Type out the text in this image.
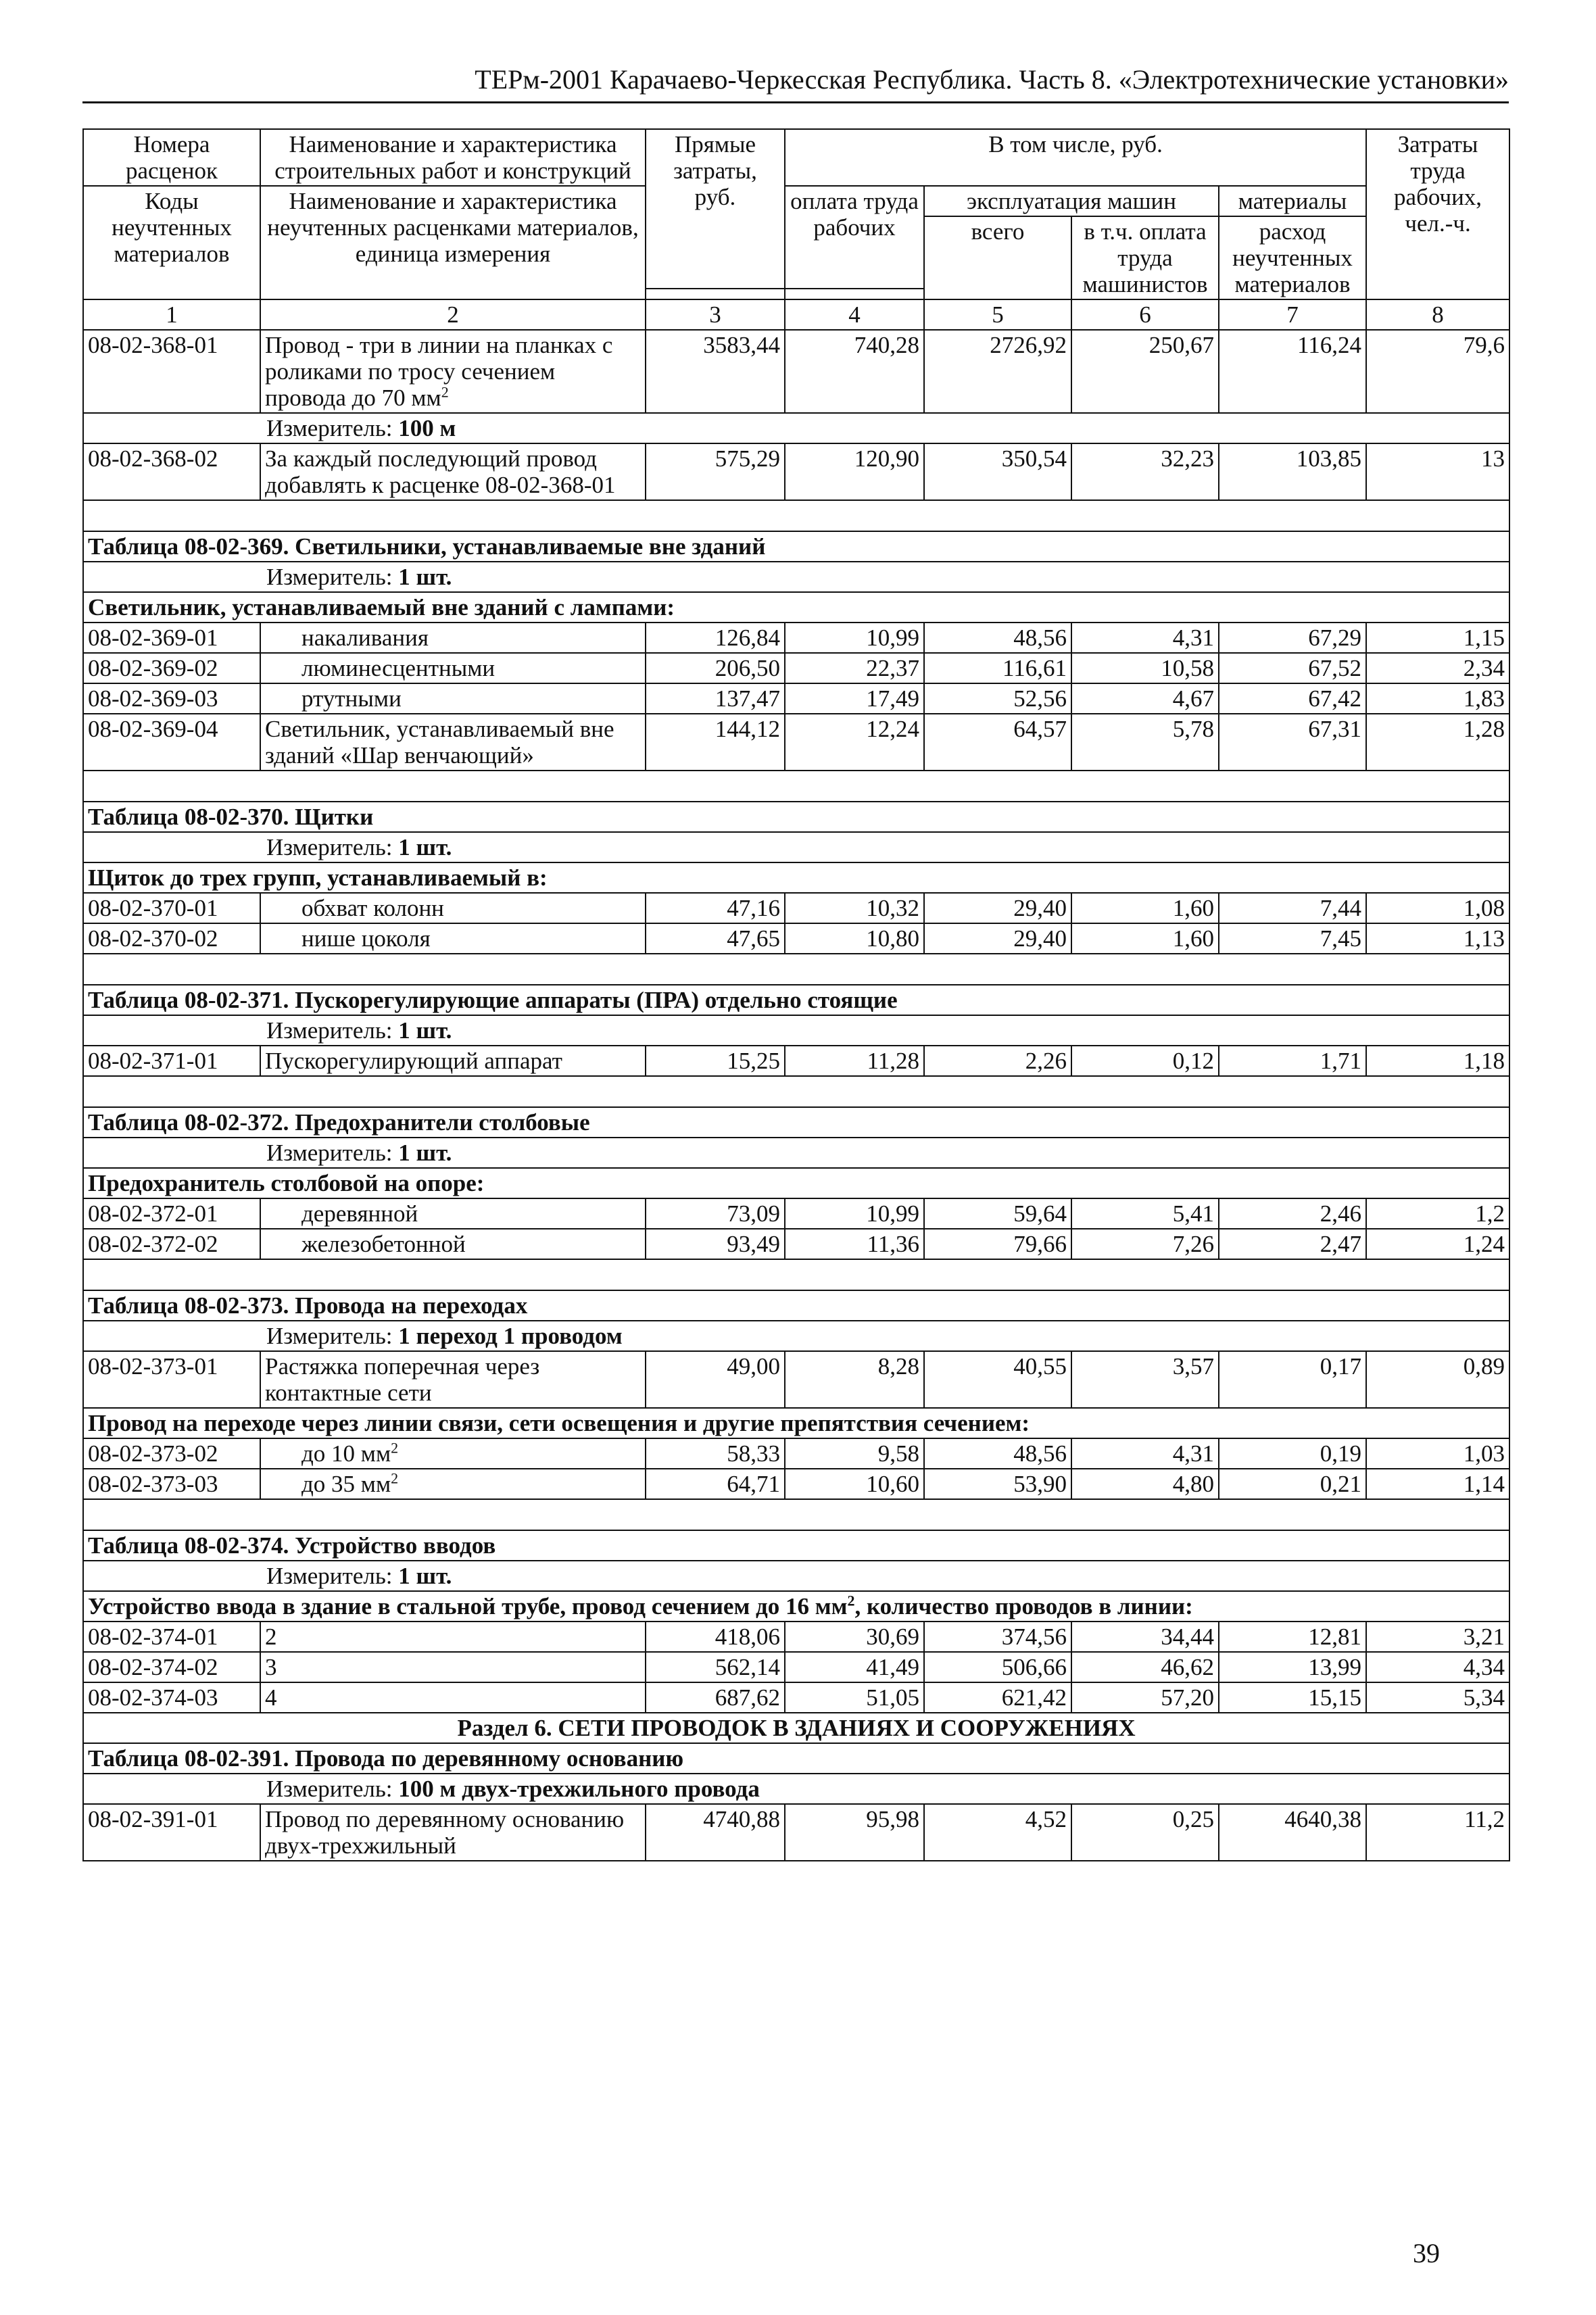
ТЕРм-2001 Карачаево-Черкесская Республика. Часть 8. «Электротехнические установки»
Номера расценок	Наименование и характеристика строительных работ и конструкций	Прямые затраты, руб.	В том числе, руб.				Затраты труда рабочих, чел.-ч.
Коды неучтенных материалов	Наименование и характеристика неучтенных расценками материалов, единица измерения		оплата труда рабочих	эксплуатация машин		материалы	
				всего	в т.ч. оплата труда машинистов	расход неучтенных материалов	

1	2	3	4	5	6	7	8
08-02-368-01	Провод - три в линии на планках с роликами по тросу сечением провода до 70 $мм^2$	3583,44	740,28	2726,92	250,67	116,24	79,6
Измеритель: 100 м							
08-02-368-02	За каждый последующий провод добавлять к расценке 08-02-368-01	575,29	120,90	350,54	32,23	103,85	13

Таблица 08-02-369. Светильники, устанавливаемые вне зданий							
Измеритель: 1 шт.							
Светильник, устанавливаемый вне зданий с лампами:							
08-02-369-01	накаливания	126,84	10,99	48,56	4,31	67,29	1,15
08-02-369-02	люминесцентными	206,50	22,37	116,61	10,58	67,52	2,34
08-02-369-03	ртутными	137,47	17,49	52,56	4,67	67,42	1,83
08-02-369-04	Светильник, устанавливаемый вне зданий «Шар венчающий»	144,12	12,24	64,57	5,78	67,31	1,28

Таблица 08-02-370. Щитки							
Измеритель: 1 шт.							
Щиток до трех групп, устанавливаемый в:							
08-02-370-01	обхват колонн	47,16	10,32	29,40	1,60	7,44	1,08
08-02-370-02	нише цоколя	47,65	10,80	29,40	1,60	7,45	1,13

Таблица 08-02-371. Пускорегулирующие аппараты (ПРА) отдельно стоящие							
Измеритель: 1 шт.							
08-02-371-01	Пускорегулирующий аппарат	15,25	11,28	2,26	0,12	1,71	1,18

Таблица 08-02-372. Предохранители столбовые							
Измеритель: 1 шт.							
Предохранитель столбовой на опоре:							
08-02-372-01	деревянной	73,09	10,99	59,64	5,41	2,46	1,2
08-02-372-02	железобетонной	93,49	11,36	79,66	7,26	2,47	1,24

Таблица 08-02-373. Провода на переходах							
Измеритель: 1 переход 1 проводом							
08-02-373-01	Растяжка поперечная через контактные сети	49,00	8,28	40,55	3,57	0,17	0,89
Провод на переходе через линии связи, сети освещения и другие препятствия сечением:							
08-02-373-02	до 10 $мм^2$	58,33	9,58	48,56	4,31	0,19	1,03
08-02-373-03	до 35 $мм^2$	64,71	10,60	53,90	4,80	0,21	1,14

Таблица 08-02-374. Устройство вводов							
Измеритель: 1 шт.							
Устройство ввода в здание в стальной трубе, провод сечением до 16 $мм^2$, количество проводов в линии:							
08-02-374-01	2	418,06	30,69	374,56	34,44	12,81	3,21
08-02-374-02	3	562,14	41,49	506,66	46,62	13,99	4,34
08-02-374-03	4	687,62	51,05	621,42	57,20	15,15	5,34
Раздел 6. СЕТИ ПРОВОДОК В ЗДАНИЯХ И СООРУЖЕНИЯХ							
Таблица 08-02-391. Провода по деревянному основанию							
Измеритель: 100 м двух-трехжильного провода							
08-02-391-01	Провод по деревянному основанию двух-трехжильный	4740,88	95,98	4,52	0,25	4640,38	11,2
39
